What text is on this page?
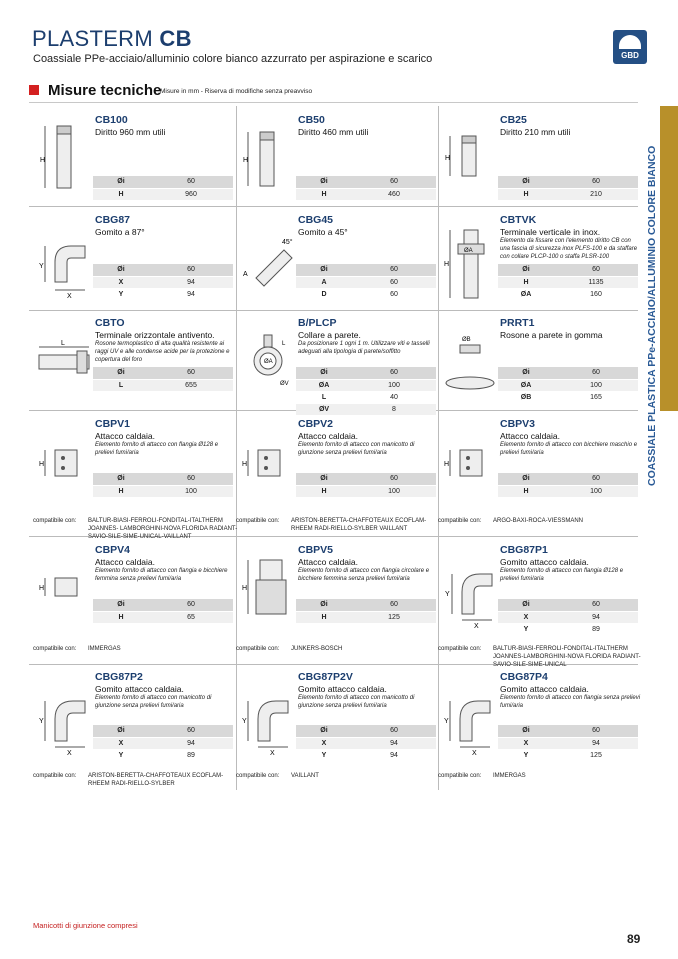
PLASTERM CB
Coassiale PPe-acciaio/alluminio colore bianco azzurrato per aspirazione e scarico	GBD
Misure tecniche
Misure in mm - Riserva di modifiche senza preavviso
COASSIALE PLASTICA PPe-ACCIAIO/ALLUMINIO COLORE BIANCO
H
CB100
Diritto 960 mm utili
Øi	60
H	960
H
CB50
Diritto 460 mm utili
Øi	60
H	460
H
CB25
Diritto 210 mm utili
Øi	60
H	210
Y
X
CBG87
Gomito a 87°
Øi	60
X	94
Y	94
A
45°
CBG45
Gomito a 45°
Øi	60
A	60
D	60
ØA
H
CBTVK
Terminale verticale in inox.
Elemento da fissare con l'elemento diritto CB con una fascia di sicurezza inox PLFS-100 e da staffare con collare PLCP-100 o staffa PLSR-100
Øi	60
H	1135
ØA	160
L
CBTO
Terminale orizzontale antivento.
Rosone termoplastico di alta qualità resistente ai raggi UV e alle condense acide per la protezione e copertura del foro
Øi	60
L	655
ØA
L
ØV
B/PLCP
Collare a parete.
Da posizionare 1 ogni 1 m. Utilizzare viti e tasselli adeguati alla tipologia di parete/soffitto
Øi	60
ØA	100
L	40
ØV	8
ØB
PRRT1
Rosone a parete in gomma
Øi	60
ØA	100
ØB	165
H
CBPV1
Attacco caldaia.
Elemento fornito di attacco con flangia Ø128 e prelievi fumi/aria
Øi	60
H	100
compatibile con: BALTUR-BIASI-FERROLI-FONDITAL-ITALTHERM JOANNES- LAMBORGHINI-NOVA FLORIDA RADIANT-SAVIO-SILE-SIME-UNICAL-VAILLANT
H
CBPV2
Attacco caldaia.
Elemento fornito di attacco con manicotto di giunzione senza prelievi fumi/aria
Øi	60
H	100
compatibile con: ARISTON-BERETTA-CHAFFOTEAUX ECOFLAM-RHEEM RADI-RIELLO-SYLBER VAILLANT
H
CBPV3
Attacco caldaia.
Elemento fornito di attacco con bicchiere maschio e prelievi fumi/aria
Øi	60
H	100
compatibile con: ARGO-BAXI-ROCA-VIESSMANN
H
CBPV4
Attacco caldaia.
Elemento fornito di attacco con flangia e bicchiere femmina senza prelievi fumi/aria
Øi	60
H	65
compatibile con: IMMERGAS
H
CBPV5
Attacco caldaia.
Elemento fornito di attacco con flangia circolare e bicchiere femmina senza prelievi fumi/aria
Øi	60
H	125
compatibile con: JUNKERS-BOSCH
Y
X
CBG87P1
Gomito attacco caldaia.
Elemento fornito di attacco con flangia Ø128 e prelievi fumi/aria
Øi	60
X	94
Y	89
compatibile con: BALTUR-BIASI-FERROLI-FONDITAL-ITALTHERM JOANNES-LAMBORGHINI-NOVA FLORIDA RADIANT-SAVIO-SILE-SIME-UNICAL
Y
X
CBG87P2
Gomito attacco caldaia.
Elemento fornito di attacco con manicotto di giunzione senza prelievi fumi/aria
Øi	60
X	94
Y	89
compatibile con: ARISTON-BERETTA-CHAFFOTEAUX ECOFLAM-RHEEM RADI-RIELLO-SYLBER
Y
X
CBG87P2V
Gomito attacco caldaia.
Elemento fornito di attacco con manicotto di giunzione senza prelievi fumi/aria
Øi	60
X	94
Y	94
compatibile con: VAILLANT
Y
X
CBG87P4
Gomito attacco caldaia.
Elemento fornito di attacco con flangia senza prelievi fumi/aria
Øi	60
X	94
Y	125
compatibile con: IMMERGAS
Manicotti di giunzione compresi
89
